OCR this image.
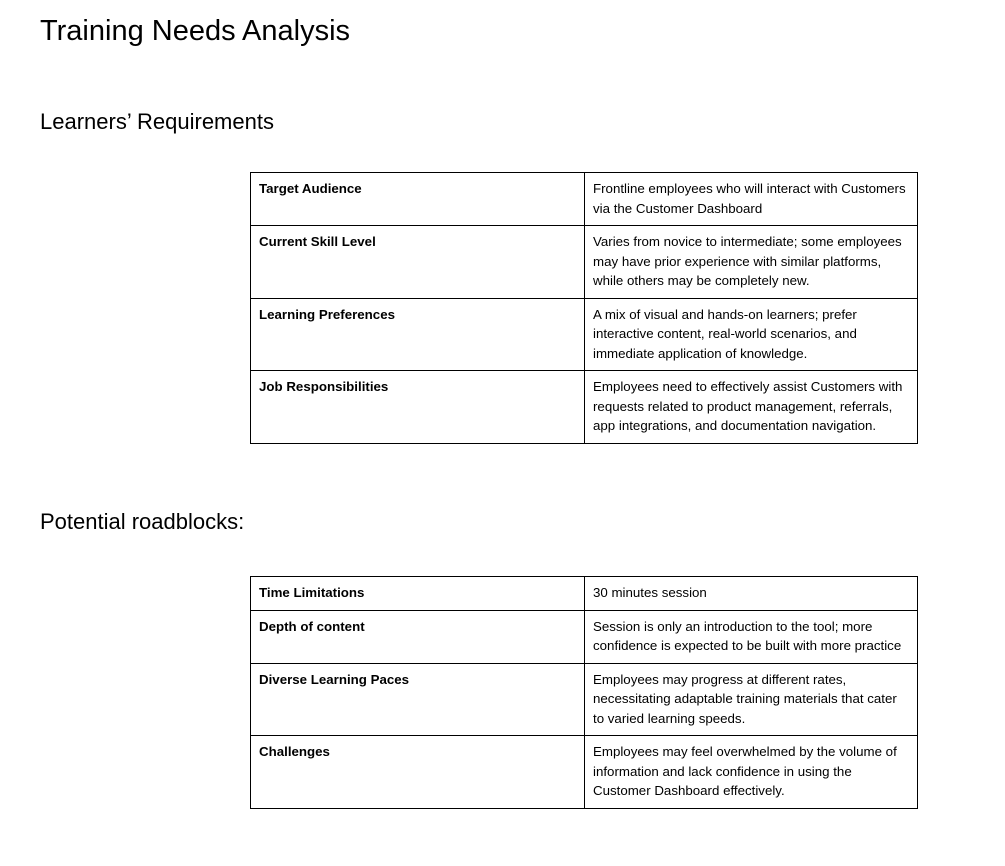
Training Needs Analysis
Learners’ Requirements
Target Audience	Frontline employees who will interact with Customers via the Customer Dashboard
Current Skill Level	Varies from novice to intermediate; some employees may have prior experience with similar platforms, while others may be completely new.
Learning Preferences	A mix of visual and hands-on learners; prefer interactive content, real-world scenarios, and immediate application of knowledge.
Job Responsibilities	Employees need to effectively assist Customers with requests related to product management, referrals, app integrations, and documentation navigation.
Potential roadblocks:
Time Limitations	30 minutes session
Depth of content	Session is only an introduction to the tool; more confidence is expected to be built with more practice
Diverse Learning Paces	Employees may progress at different rates, necessitating adaptable training materials that cater to varied learning speeds.
Challenges	Employees may feel overwhelmed by the volume of information and lack confidence in using the Customer Dashboard effectively.
